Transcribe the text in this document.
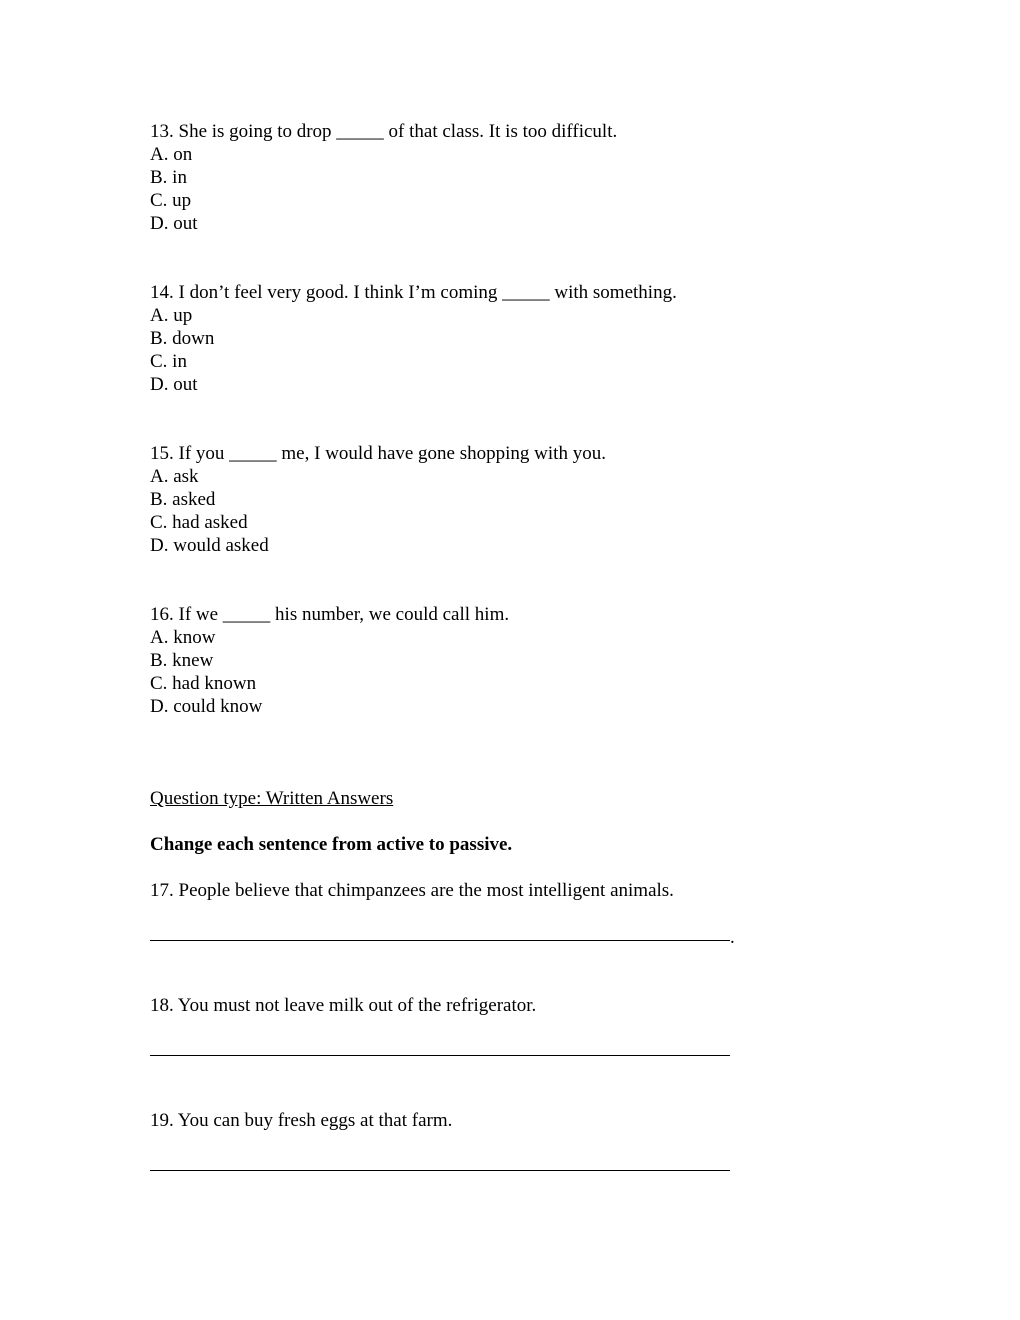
13. She is going to drop _____ of that class. It is too difficult.
A. on
B. in
C. up
D. out
14. I don’t feel very good. I think I’m coming _____ with something.
A. up
B. down
C. in
D. out
15. If you _____ me, I would have gone shopping with you.
A. ask
B. asked
C. had asked
D. would asked
16. If we _____ his number, we could call him.
A. know
B. knew
C. had known
D. could know
Question type: Written Answers
Change each sentence from active to passive.
17. People believe that chimpanzees are the most intelligent animals.
.
18. You must not leave milk out of the refrigerator.
19. You can buy fresh eggs at that farm.
